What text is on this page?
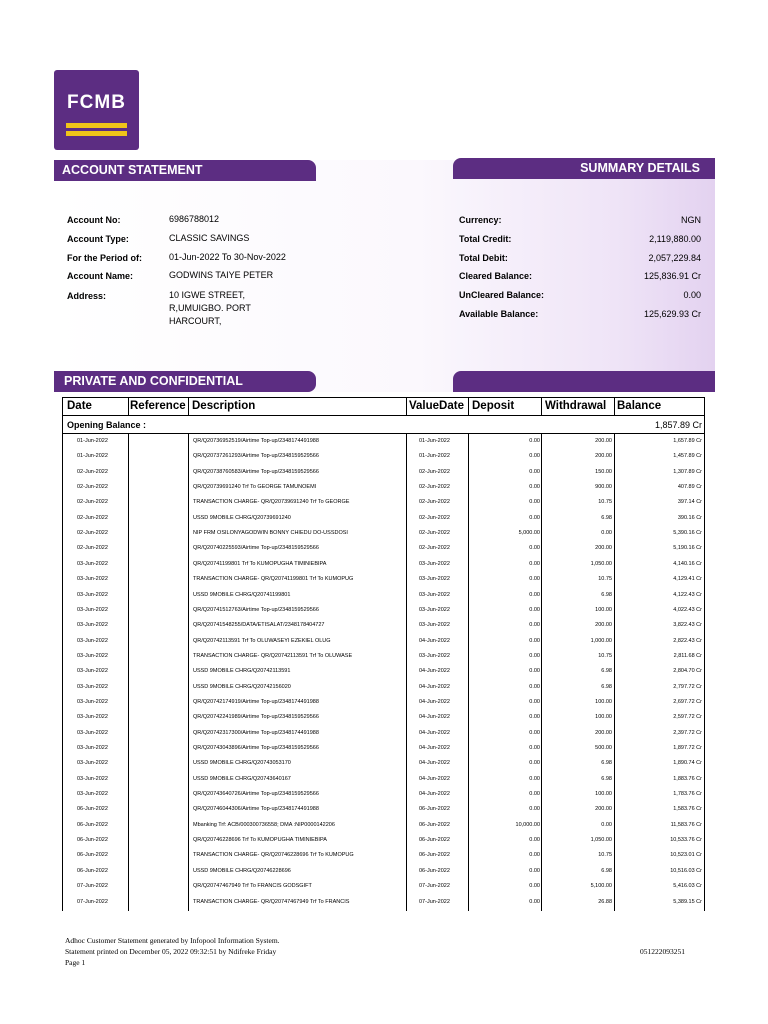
FCMB
ACCOUNT STATEMENT	SUMMARY DETAILS
PRIVATE AND CONFIDENTIAL
Account No:	6986788012
Account Type:	CLASSIC SAVINGS
For the Period of:	01-Jun-2022 To 30-Nov-2022
Account Name:	GODWINS TAIYE PETER
Address:	10 IGWE STREET,
R,UMUIGBO. PORT
HARCOURT,
Currency:	NGN
Total Credit:	2,119,880.00
Total Debit:	2,057,229.84
Cleared Balance:	125,836.91 Cr
UnCleared Balance:	0.00
Available Balance:	125,629.93 Cr
Date	Reference Description	ValueDate Deposit	Withdrawal Balance
Opening Balance :	1,857.89 Cr
01-Jun-2022	QR/Q20736952519/Airtime Top-up/2348174491988	01-Jun-2022	0.00	200.00	1,657.89 Cr
01-Jun-2022	QR/Q20737261293/Airtime Top-up/2348159529566	01-Jun-2022	0.00	200.00	1,457.89 Cr
02-Jun-2022	QR/Q20738760583/Airtime Top-up/2348159529566	02-Jun-2022	0.00	150.00	1,307.89 Cr
02-Jun-2022	QR/Q20739691240 Trf To GEORGE TAMUNOEMI	02-Jun-2022	0.00	900.00	407.89 Cr
02-Jun-2022	TRANSACTION CHARGE- QR/Q20739691240 Trf To GEORGE	02-Jun-2022	0.00	10.75	397.14 Cr
02-Jun-2022	USSD 9MOBILE CHRG/Q20739691240	02-Jun-2022	0.00	6.98	390.16 Cr
02-Jun-2022	NIP FRM OSILONYAGODWIN BONNY CHIEDU DO-USSDOSI	02-Jun-2022	5,000.00	0.00	5,390.16 Cr
02-Jun-2022	QR/Q20740225593/Airtime Top-up/2348159529566	02-Jun-2022	0.00	200.00	5,190.16 Cr
03-Jun-2022	QR/Q20741199801 Trf To KUMOPUGHA TIMINIEBIPA	03-Jun-2022	0.00	1,050.00	4,140.16 Cr
03-Jun-2022	TRANSACTION CHARGE- QR/Q20741199801 Trf To KUMOPUG	03-Jun-2022	0.00	10.75	4,129.41 Cr
03-Jun-2022	USSD 9MOBILE CHRG/Q20741199801	03-Jun-2022	0.00	6.98	4,122.43 Cr
03-Jun-2022	QR/Q20741512763/Airtime Top-up/2348159529566	03-Jun-2022	0.00	100.00	4,022.43 Cr
03-Jun-2022	QR/Q20741548255/DATA/ETISALAT/2348178404727	03-Jun-2022	0.00	200.00	3,822.43 Cr
03-Jun-2022	QR/Q20742113591 Trf To OLUWASEYI EZEKIEL OLUG	04-Jun-2022	0.00	1,000.00	2,822.43 Cr
03-Jun-2022	TRANSACTION CHARGE- QR/Q20742113591 Trf To OLUWASE	03-Jun-2022	0.00	10.75	2,811.68 Cr
03-Jun-2022	USSD 9MOBILE CHRG/Q20742113591	04-Jun-2022	0.00	6.98	2,804.70 Cr
03-Jun-2022	USSD 9MOBILE CHRG/Q20742156020	04-Jun-2022	0.00	6.98	2,797.72 Cr
03-Jun-2022	QR/Q20742174919/Airtime Top-up/2348174491988	04-Jun-2022	0.00	100.00	2,697.72 Cr
03-Jun-2022	QR/Q20742241989/Airtime Top-up/2348159529566	04-Jun-2022	0.00	100.00	2,597.72 Cr
03-Jun-2022	QR/Q20742317300/Airtime Top-up/2348174491988	04-Jun-2022	0.00	200.00	2,397.72 Cr
03-Jun-2022	QR/Q20743043896/Airtime Top-up/2348159529566	04-Jun-2022	0.00	500.00	1,897.72 Cr
03-Jun-2022	USSD 9MOBILE CHRG/Q20743053170	04-Jun-2022	0.00	6.98	1,890.74 Cr
03-Jun-2022	USSD 9MOBILE CHRG/Q20743640167	04-Jun-2022	0.00	6.98	1,883.76 Cr
03-Jun-2022	QR/Q20743640726/Airtime Top-up/2348159529566	04-Jun-2022	0.00	100.00	1,783.76 Cr
06-Jun-2022	QR/Q20746044306/Airtime Top-up/2348174491988	06-Jun-2022	0.00	200.00	1,583.76 Cr
06-Jun-2022	Mbanking Trf: ACB/000300736558; DMA :NIP0000142206	06-Jun-2022	10,000.00	0.00	11,583.76 Cr
06-Jun-2022	QR/Q20746228696 Trf To KUMOPUGHA TIMINIEBIPA	06-Jun-2022	0.00	1,050.00	10,533.76 Cr
06-Jun-2022	TRANSACTION CHARGE- QR/Q20746228696 Trf To KUMOPUG	06-Jun-2022	0.00	10.75	10,523.01 Cr
06-Jun-2022	USSD 9MOBILE CHRG/Q20746228696	06-Jun-2022	0.00	6.98	10,516.03 Cr
07-Jun-2022	QR/Q20747467949 Trf To FRANCIS GODSGIFT	07-Jun-2022	0.00	5,100.00	5,416.03 Cr
07-Jun-2022	TRANSACTION CHARGE- QR/Q20747467949 Trf To FRANCIS	07-Jun-2022	0.00	26.88	5,389.15 Cr
Adhoc Customer Statement generated by Infopool Information System.
Statement printed on December 05, 2022 09:32:51 by Ndifreke Friday	051222093251
Page 1
